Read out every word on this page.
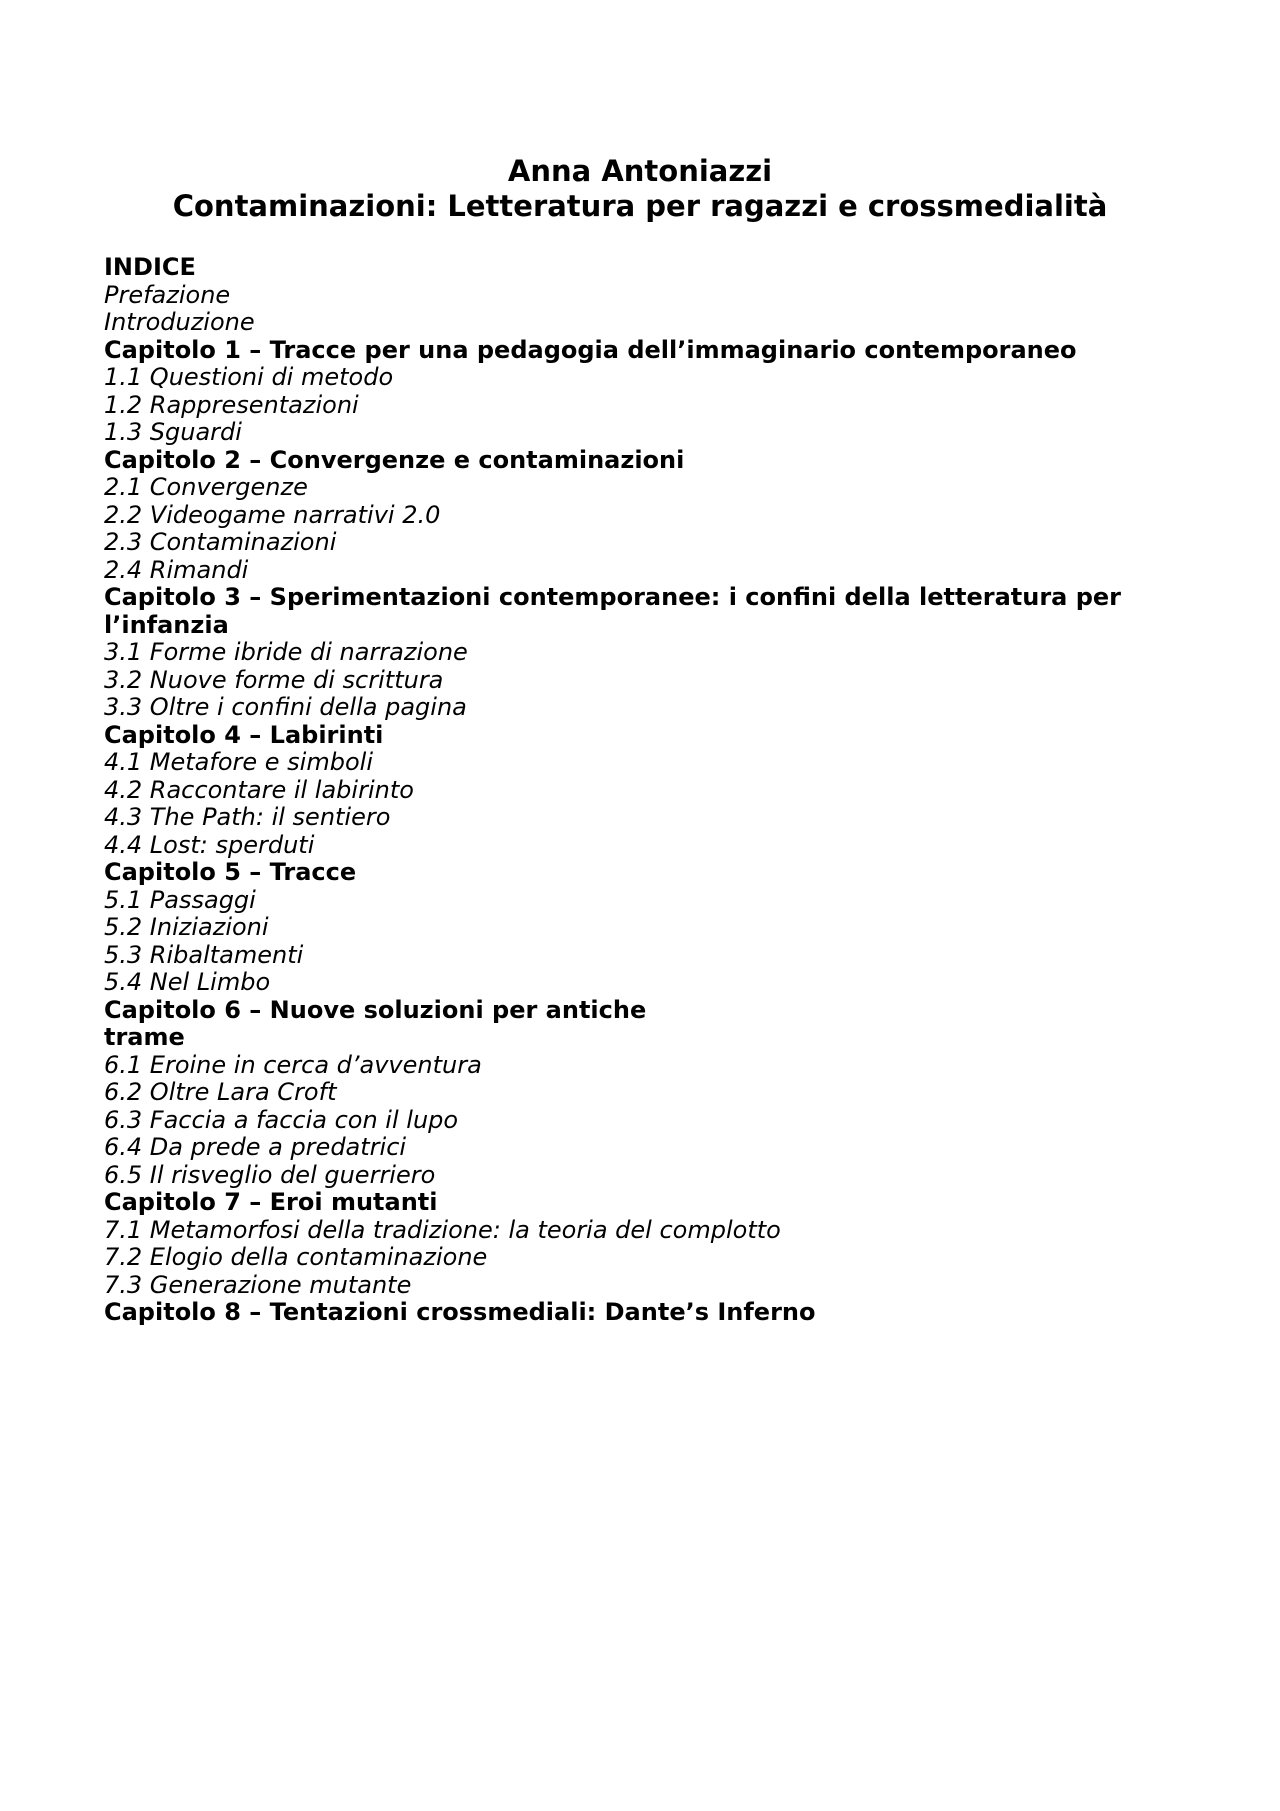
Anna Antoniazzi
Contaminazioni: Letteratura per ragazzi e crossmedialità
INDICE
Prefazione
Introduzione
Capitolo 1 – Tracce per una pedagogia dell’immaginario contemporaneo
1.1 Questioni di metodo
1.2 Rappresentazioni
1.3 Sguardi
Capitolo 2 – Convergenze e contaminazioni
2.1 Convergenze
2.2 Videogame narrativi 2.0
2.3 Contaminazioni
2.4 Rimandi
Capitolo 3 – Sperimentazioni contemporanee: i confini della letteratura per
l’infanzia
3.1 Forme ibride di narrazione
3.2 Nuove forme di scrittura
3.3 Oltre i confini della pagina
Capitolo 4 – Labirinti
4.1 Metafore e simboli
4.2 Raccontare il labirinto
4.3 The Path: il sentiero
4.4 Lost: sperduti
Capitolo 5 – Tracce
5.1 Passaggi
5.2 Iniziazioni
5.3 Ribaltamenti
5.4 Nel Limbo
Capitolo 6 – Nuove soluzioni per antiche
trame
6.1 Eroine in cerca d’avventura
6.2 Oltre Lara Croft
6.3 Faccia a faccia con il lupo
6.4 Da prede a predatrici
6.5 Il risveglio del guerriero
Capitolo 7 – Eroi mutanti
7.1 Metamorfosi della tradizione: la teoria del complotto
7.2 Elogio della contaminazione
7.3 Generazione mutante
Capitolo 8 – Tentazioni crossmediali: Dante’s Inferno
